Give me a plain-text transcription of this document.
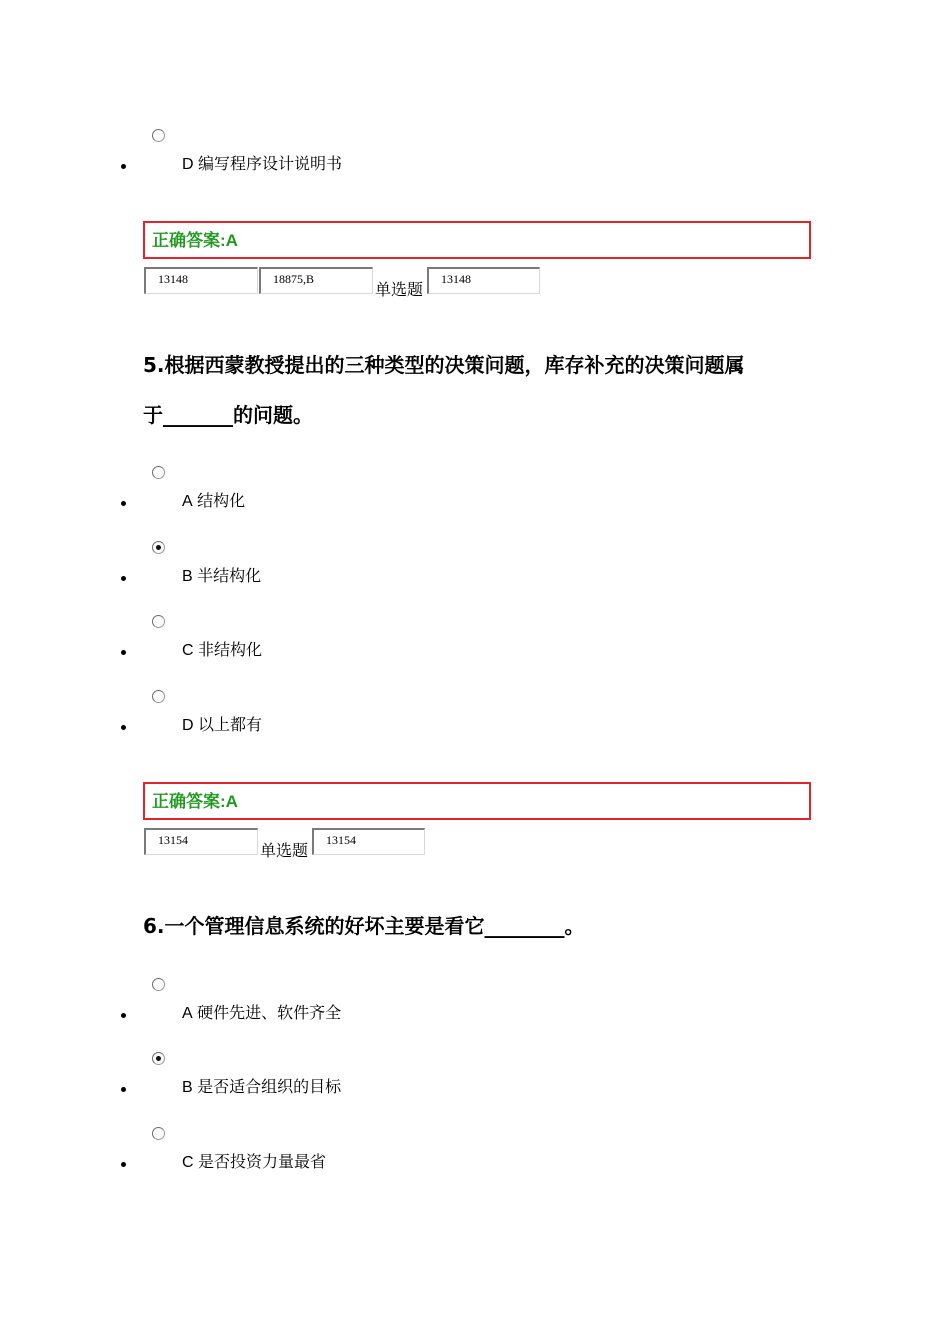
D 编写程序设计说明书
正确答案:A
13148	18875,B
单选题
13148
5.根据西蒙教授提出的三种类型的决策问题，库存补充的决策问题属
于_______的问题。
A 结构化
B 半结构化
C 非结构化
D 以上都有
正确答案:A
13154
单选题
13154
6.一个管理信息系统的好坏主要是看它________。
A 硬件先进、软件齐全
B 是否适合组织的目标
C 是否投资力量最省
